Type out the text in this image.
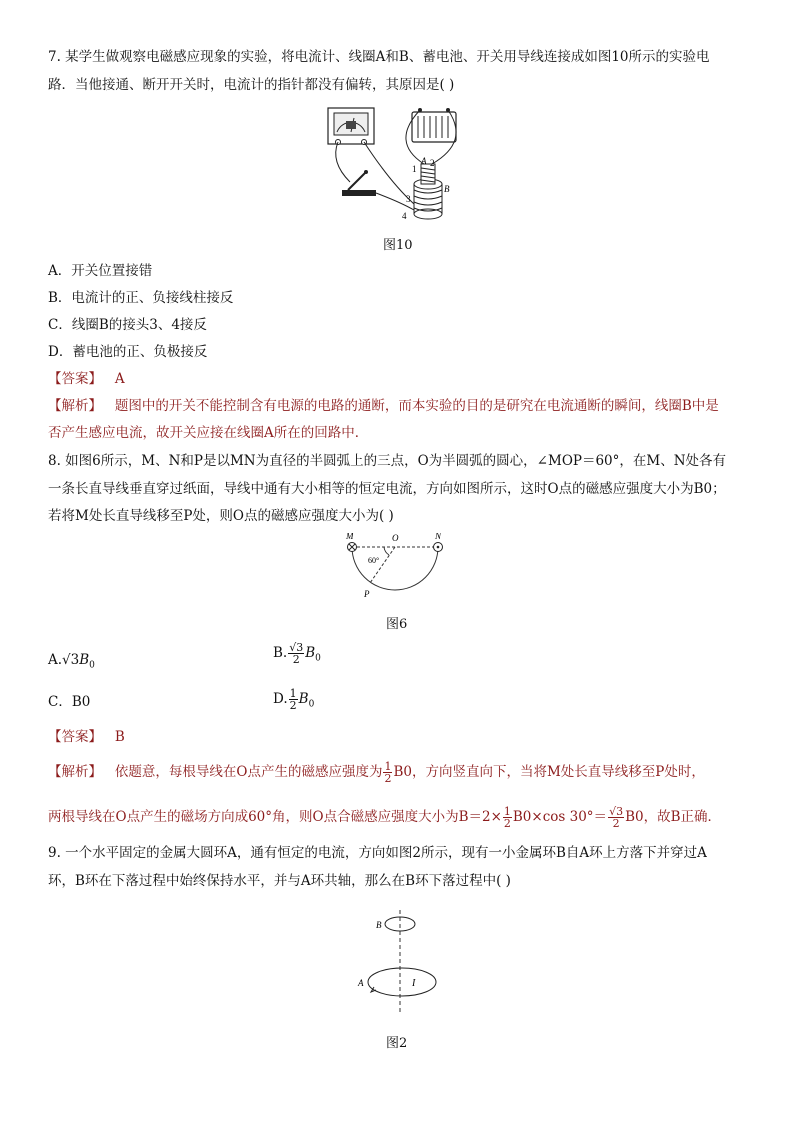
7. 某学生做观察电磁感应现象的实验，将电流计、线圈A和B、蓄电池、开关用导线连接成如图10所示的实验电
路．当他接通、断开开关时，电流计的指针都没有偏转，其原因是( )
A 2
1
B
3
4
图10
A．开关位置接错
B．电流计的正、负接线柱接反
C．线圈B的接头3、4接反
D．蓄电池的正、负极接反
【答案】 A
【解析】 题图中的开关不能控制含有电源的电路的通断，而本实验的目的是研究在电流通断的瞬间，线圈B中是
否产生感应电流，故开关应接在线圈A所在的回路中．
8. 如图6所示，M、N和P是以MN为直径的半圆弧上的三点，O为半圆弧的圆心，∠MOP＝60°，在M、N处各有
一条长直导线垂直穿过纸面，导线中通有大小相等的恒定电流，方向如图所示，这时O点的磁感应强度大小为B0；
若将M处长直导线移至P处，则O点的磁感应强度大小为( )
M	O	N
60°
P
图6
$A.√3B_0$
B. $\frac{√3}{2} B_0$
C．B0	D. $\frac{1}{2} B_0$
【答案】 B
【解析】 依题意，每根导线在O点产生的磁感应强度为 $\frac{1}{2} B0$，方向竖直向下，当将M处长直导线移至P处时，
两根导线在O点产生的磁场方向成60°角，则O点合磁感应强度大小为$B=2\times \frac{1}{2} B0\times\cos$ $30^\circ= \frac{√3}{2} B0$，故B正确．
9. 一个水平固定的金属大圆环A，通有恒定的电流，方向如图2所示，现有一小金属环B自A环上方落下并穿过A
环，B环在下落过程中始终保持水平，并与A环共轴，那么在B环下落过程中( )
B
A	I
图2
